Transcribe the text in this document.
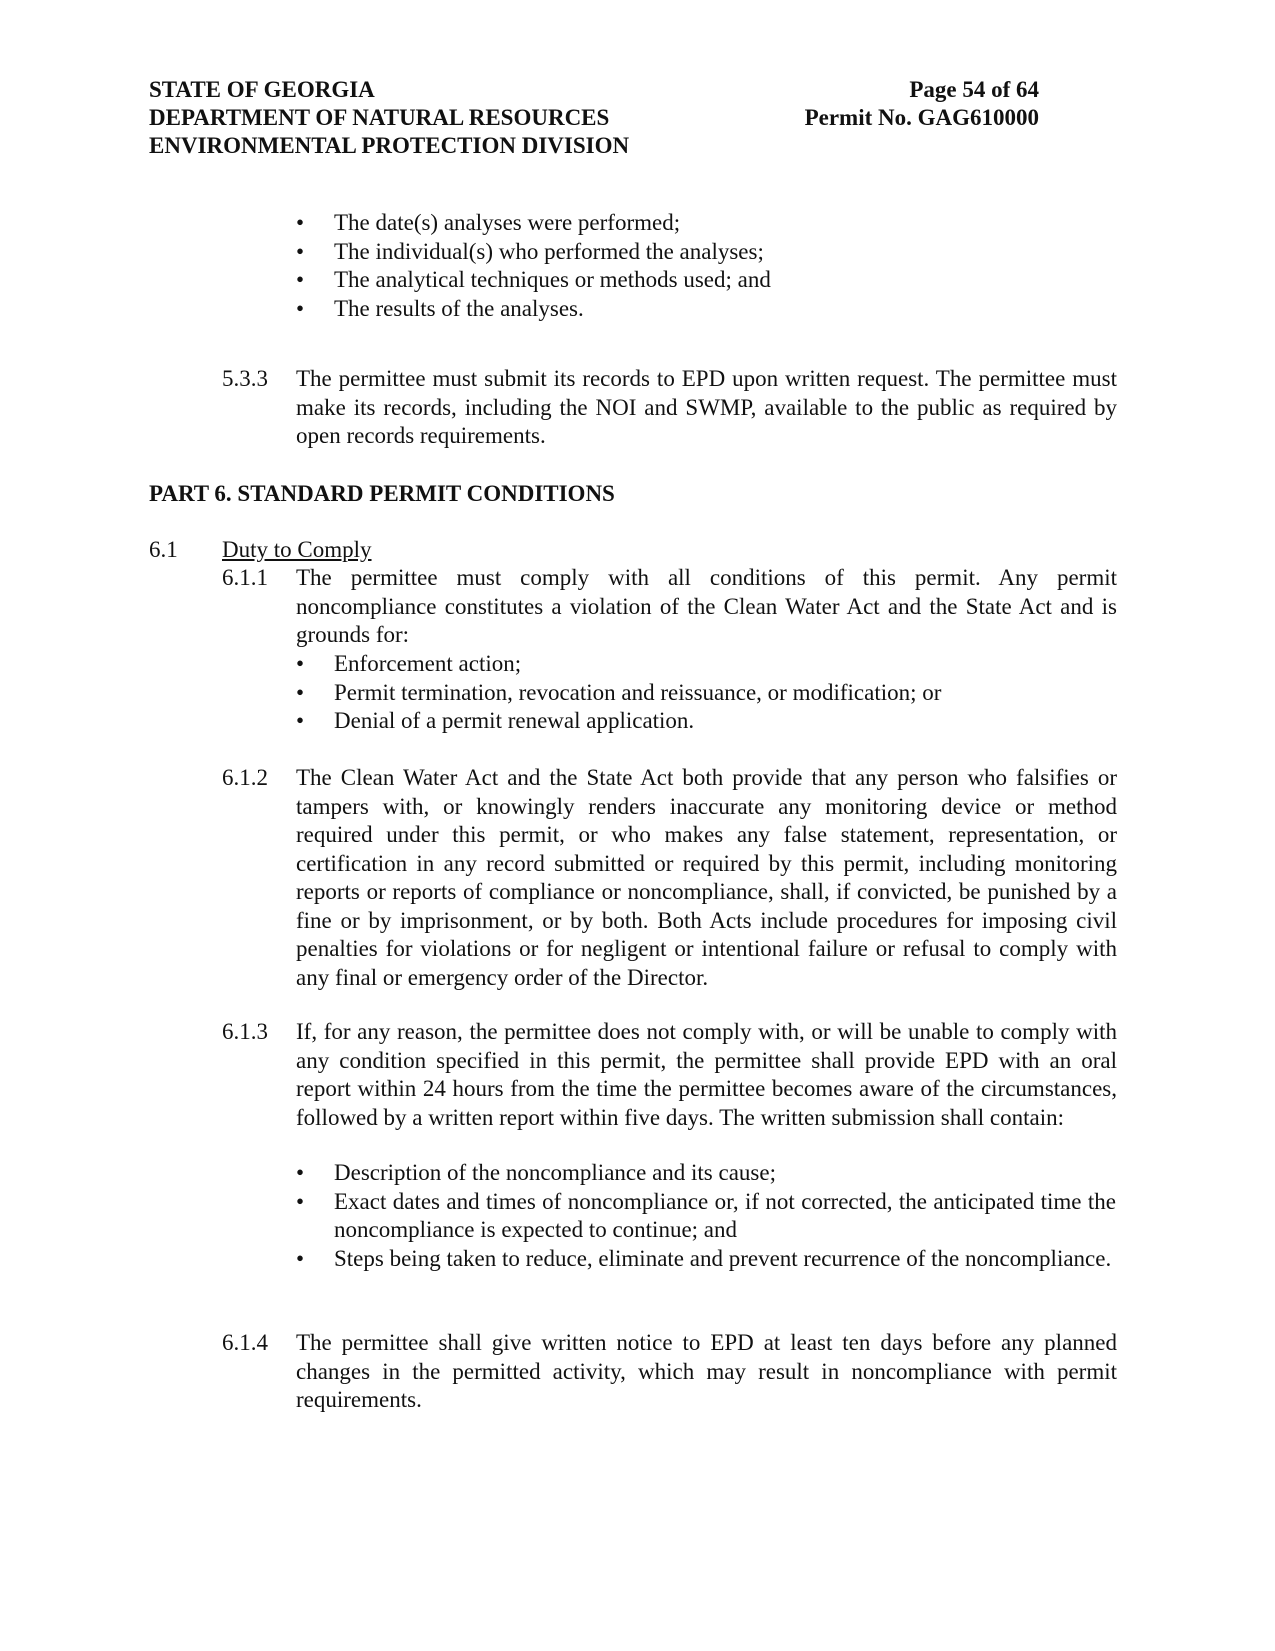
STATE OF GEORGIA
DEPARTMENT OF NATURAL RESOURCES
ENVIRONMENTAL PROTECTION DIVISION
Page 54 of 64
Permit No. GAG610000
• The date(s) analyses were performed;
• The individual(s) who performed the analyses;
• The analytical techniques or methods used; and
• The results of the analyses.
5.3.3	The permittee must submit its records to EPD upon written request. The permittee must make its records, including the NOI and SWMP, available to the public as required by open records requirements.
PART 6. STANDARD PERMIT CONDITIONS
6.1 Duty to Comply
6.1.1	The permittee must comply with all conditions of this permit. Any permit noncompliance constitutes a violation of the Clean Water Act and the State Act and is grounds for:
• Enforcement action;
• Permit termination, revocation and reissuance, or modification; or
• Denial of a permit renewal application.
6.1.2	The Clean Water Act and the State Act both provide that any person who falsifies or tampers with, or knowingly renders inaccurate any monitoring device or method required under this permit, or who makes any false statement, representation, or certification in any record submitted or required by this permit, including monitoring reports or reports of compliance or noncompliance, shall, if convicted, be punished by a fine or by imprisonment, or by both. Both Acts include procedures for imposing civil penalties for violations or for negligent or intentional failure or refusal to comply with any final or emergency order of the Director.
6.1.3	If, for any reason, the permittee does not comply with, or will be unable to comply with any condition specified in this permit, the permittee shall provide EPD with an oral report within 24 hours from the time the permittee becomes aware of the circumstances, followed by a written report within five days. The written submission shall contain:
• Description of the noncompliance and its cause;
• Exact dates and times of noncompliance or, if not corrected, the anticipated time the noncompliance is expected to continue; and
• Steps being taken to reduce, eliminate and prevent recurrence of the noncompliance.
6.1.4	The permittee shall give written notice to EPD at least ten days before any planned changes in the permitted activity, which may result in noncompliance with permit requirements.
